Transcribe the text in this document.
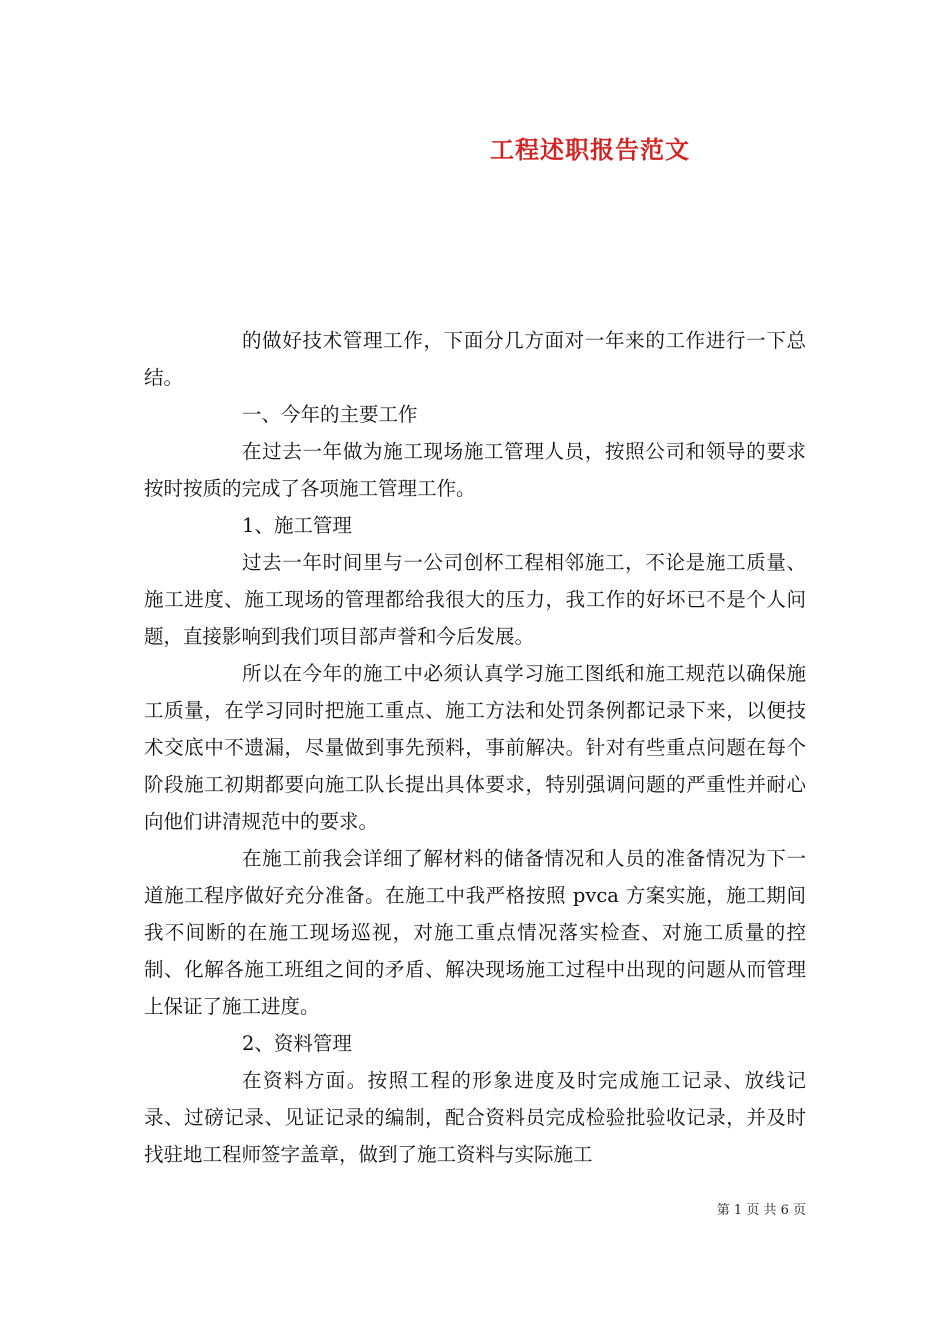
工程述职报告范文

的做好技术管理工作，下面分几方面对一年来的工作进行一下总结。

一、今年的主要工作

在过去一年做为施工现场施工管理人员，按照公司和领导的要求按时按质的完成了各项施工管理工作。

1、施工管理

过去一年时间里与一公司创杯工程相邻施工，不论是施工质量、施工进度、施工现场的管理都给我很大的压力，我工作的好坏已不是个人问题，直接影响到我们项目部声誉和今后发展。

所以在今年的施工中必须认真学习施工图纸和施工规范以确保施工质量，在学习同时把施工重点、施工方法和处罚条例都记录下来，以便技术交底中不遗漏，尽量做到事先预料，事前解决。针对有些重点问题在每个阶段施工初期都要向施工队长提出具体要求，特别强调问题的严重性并耐心向他们讲清规范中的要求。

在施工前我会详细了解材料的储备情况和人员的准备情况为下一道施工程序做好充分准备。在施工中我严格按照 pvca 方案实施，施工期间我不间断的在施工现场巡视，对施工重点情况落实检查、对施工质量的控制、化解各施工班组之间的矛盾、解决现场施工过程中出现的问题从而管理上保证了施工进度。

2、资料管理

在资料方面。按照工程的形象进度及时完成施工记录、放线记录、过磅记录、见证记录的编制，配合资料员完成检验批验收记录，并及时找驻地工程师签字盖章，做到了施工资料与实际施工

第 1 页 共 6 页
